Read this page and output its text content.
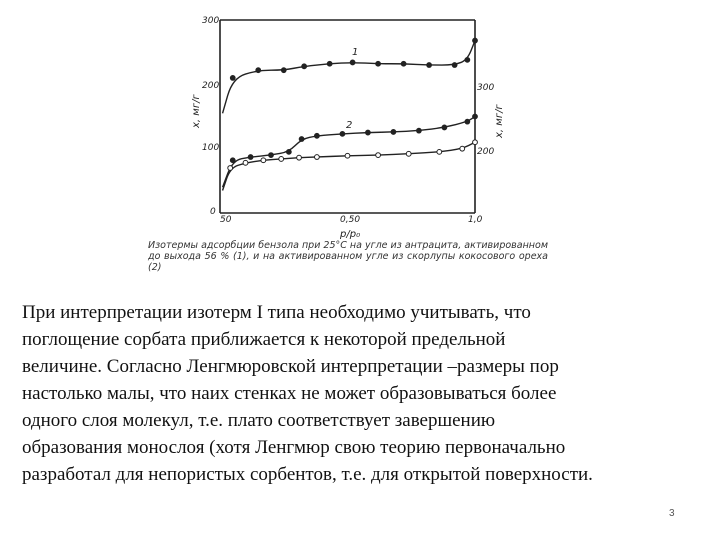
300
200
100
0
300
200
50	0,50	1,0
x, мг/г	x, мг/г
p/p₀
1
2
Изотермы адсорбции бензола при 25°С на угле из антрацита, активированном до выхода 56 % (1), и на активированном угле из скорлупы кокосового ореха (2)
При интерпретации изотерм I типа необходимо учитывать, что
поглощение сорбата приближается к некоторой предельной
величине. Согласно Ленгмюровской интерпретации –размеры пор
настолько малы, что наих стенках не может образовываться более
одного слоя молекул, т.е. плато соответствует завершению
образования монослоя (хотя Ленгмюр свою теорию первоначально
разработал для непористых сорбентов, т.е. для открытой поверхности.
3
